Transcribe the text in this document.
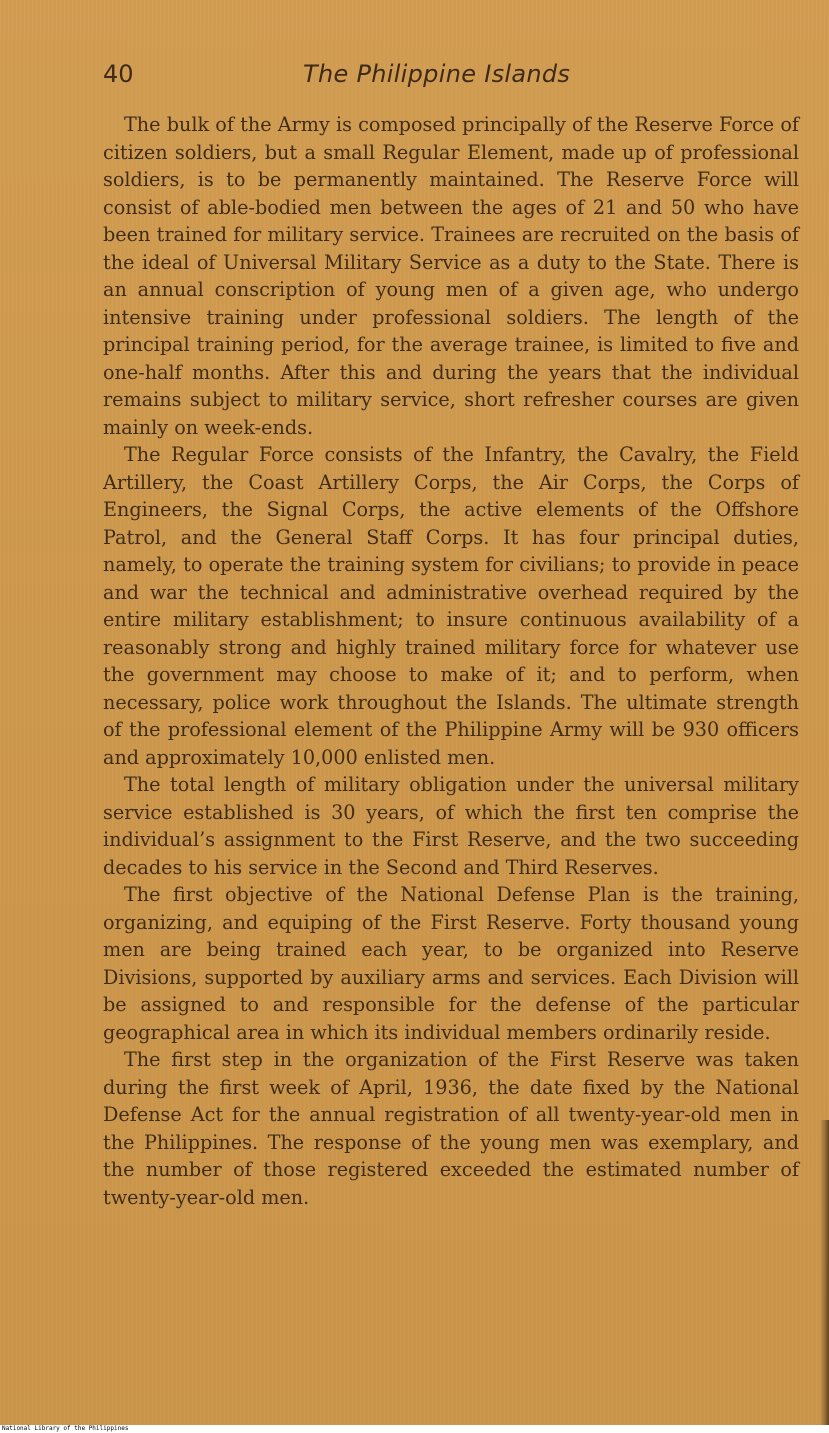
40	The Philippine Islands

The bulk of the Army is composed principally of the Reserve Force of citizen soldiers, but a small Regular Element, made up of professional soldiers, is to be permanently maintained. The Reserve Force will consist of able-bodied men between the ages of 21 and 50 who have been trained for military service. Trainees are recruited on the basis of the ideal of Universal Military Service as a duty to the State. There is an annual conscription of young men of a given age, who undergo intensive training under professional soldiers. The length of the principal training period, for the average trainee, is limited to five and one-half months. After this and during the years that the individual remains subject to military service, short refresher courses are given mainly on week-ends.

The Regular Force consists of the Infantry, the Cavalry, the Field Artillery, the Coast Artillery Corps, the Air Corps, the Corps of Engineers, the Signal Corps, the active elements of the Offshore Patrol, and the General Staff Corps. It has four principal duties, namely, to operate the training system for civilians; to provide in peace and war the technical and administrative overhead required by the entire military establishment; to insure continuous availability of a reasonably strong and highly trained military force for whatever use the government may choose to make of it; and to perform, when necessary, police work throughout the Islands. The ultimate strength of the professional element of the Philippine Army will be 930 officers and approximately 10,000 enlisted men.

The total length of military obligation under the universal military service established is 30 years, of which the first ten comprise the individual’s assignment to the First Reserve, and the two succeeding decades to his service in the Second and Third Reserves.

The first objective of the National Defense Plan is the training, organizing, and equiping of the First Reserve. Forty thousand young men are being trained each year, to be organized into Reserve Divisions, supported by auxiliary arms and services. Each Division will be assigned to and responsible for the defense of the particular geographical area in which its individual members ordinarily reside.

The first step in the organization of the First Reserve was taken during the first week of April, 1936, the date fixed by the National Defense Act for the annual registration of all twenty-year-old men in the Philippines. The response of the young men was exemplary, and the number of those registered exceeded the estimated number of twenty-year-old men.

National Library of the Philippines
